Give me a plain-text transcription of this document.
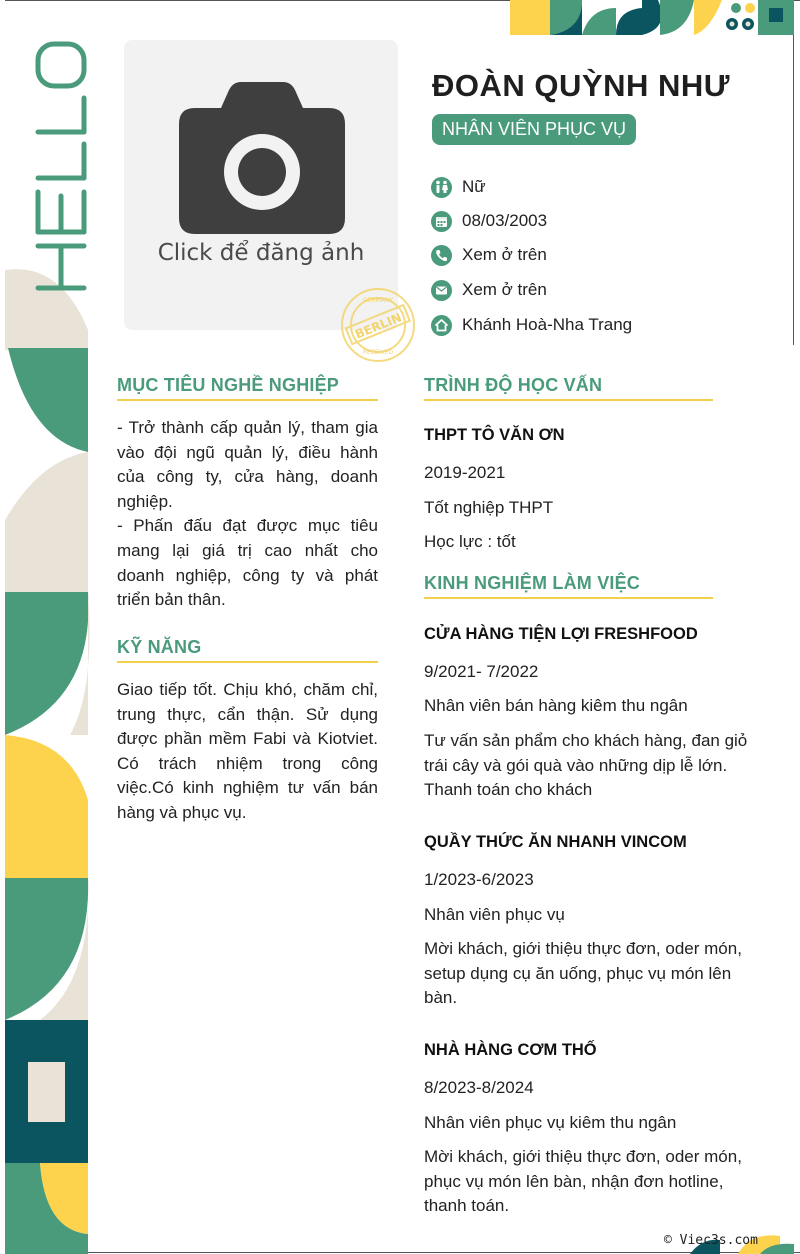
Click để đăng ảnh
BERLIN
GERMANY
RECEIVED
ĐOÀN QUỲNH NHƯ
NHÂN VIÊN PHỤC VỤ
Nữ
08/03/2003
Xem ở trên
Xem ở trên
Khánh Hoà-Nha Trang
MỤC TIÊU NGHỀ NGHIỆP
- Trở thành cấp quản lý, tham gia vào đội ngũ quản lý, điều hành của công ty, cửa hàng, doanh nghiệp.
- Phấn đấu đạt được mục tiêu mang lại giá trị cao nhất cho doanh nghiệp, công ty và phát triển bản thân.
KỸ NĂNG
Giao tiếp tốt. Chịu khó, chăm chỉ, trung thực, cẩn thận. Sử dụng được phần mềm Fabi và Kiotviet. Có trách nhiệm trong công việc.Có kinh nghiệm tư vấn bán hàng và phục vụ.
TRÌNH ĐỘ HỌC VẤN
THPT TÔ VĂN ƠN
2019-2021
Tốt nghiệp THPT
Học lực : tốt
KINH NGHIỆM LÀM VIỆC
CỬA HÀNG TIỆN LỢI FRESHFOOD
9/2021- 7/2022
Nhân viên bán hàng kiêm thu ngân
Tư vấn sản phẩm cho khách hàng, đan giỏ trái cây và gói quà vào những dịp lễ lớn. Thanh toán cho khách
QUẦY THỨC ĂN NHANH VINCOM
1/2023-6/2023
Nhân viên phục vụ
Mời khách, giới thiệu thực đơn, oder món, setup dụng cụ ăn uống, phục vụ món lên bàn.
NHÀ HÀNG CƠM THỐ
8/2023-8/2024
Nhân viên phục vụ kiêm thu ngân
Mời khách, giới thiệu thực đơn, oder món, phục vụ món lên bàn, nhận đơn hotline, thanh toán.
© Viec3s.com
